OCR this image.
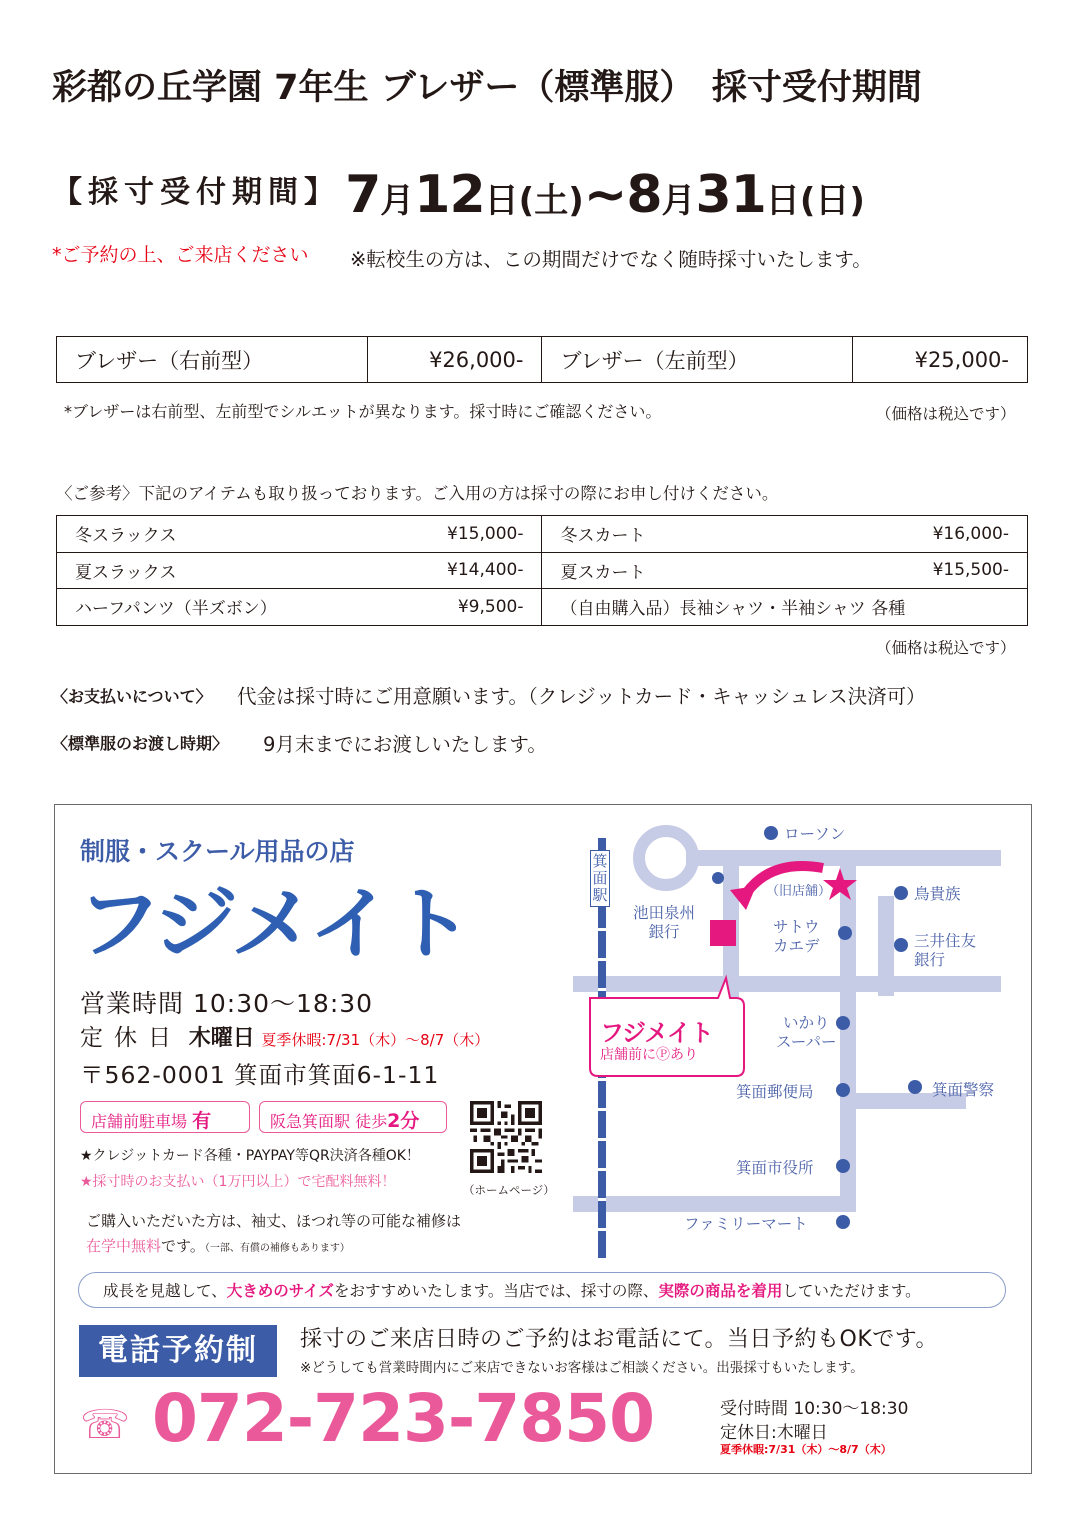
彩都の丘学園 7年生 ブレザー（標準服）　採寸受付期間
【採寸受付期間】 7月12日(土)~8月31日(日)
*ご予約の上、ご来店ください ※転校生の方は、この期間だけでなく随時採寸いたします。
ブレザー（右前型）	¥26,000-	ブレザー（左前型）	¥25,000-
*ブレザーは右前型、左前型でシルエットが異なります。採寸時にご確認ください。	（価格は税込です）
〈ご参考〉下記のアイテムも取り扱っております。ご入用の方は採寸の際にお申し付けください。
冬スラックス	¥15,000-	冬スカート	¥16,000-
夏スラックス	¥14,400-	夏スカート	¥15,500-
ハーフパンツ（半ズボン）	¥9,500-	（自由購入品）長袖シャツ・半袖シャツ 各種	
（価格は税込です）
〈お支払いについて〉 代金は採寸時にご用意願います。（クレジットカード・キャッシュレス決済可）
〈標準服のお渡し時期〉 9月末までにお渡しいたします。
制服・スクール用品の店
フジメイト
営業時間 10:30〜18:30
定休日 木曜日 夏季休暇:7/31（木）〜8/7（木）
〒562-0001 箕面市箕面6-1-11
店舗前駐車場 有	阪急箕面駅 徒歩2分
★クレジットカード各種・PAYPAY等QR決済各種OK！
★採寸時のお支払い（1万円以上）で宅配料無料！
ご購入いただいた方は、袖丈、ほつれ等の可能な補修は
在学中無料です。（一部、有償の補修もあります）
（ホームページ）
箕面駅
池田泉州
銀行
（旧店舗）
サトウ
カエデ
フジメイト
店舗前にⓅあり
ローソン
鳥貴族
三井住友
銀行
いかり
スーパー
箕面警察
箕面郵便局
箕面市役所
ファミリーマート
成長を見越して、大きめのサイズをおすすめいたします。当店では、採寸の際、実際の商品を着用していただけます。
電話予約制	採寸のご来店日時のご予約はお電話にて。当日予約もOKです。
※どうしても営業時間内にご来店できないお客様はご相談ください。出張採寸もいたします。
☏ 072-723-7850	受付時間 10:30〜18:30
定休日:木曜日
夏季休暇:7/31（木）〜8/7（木）
